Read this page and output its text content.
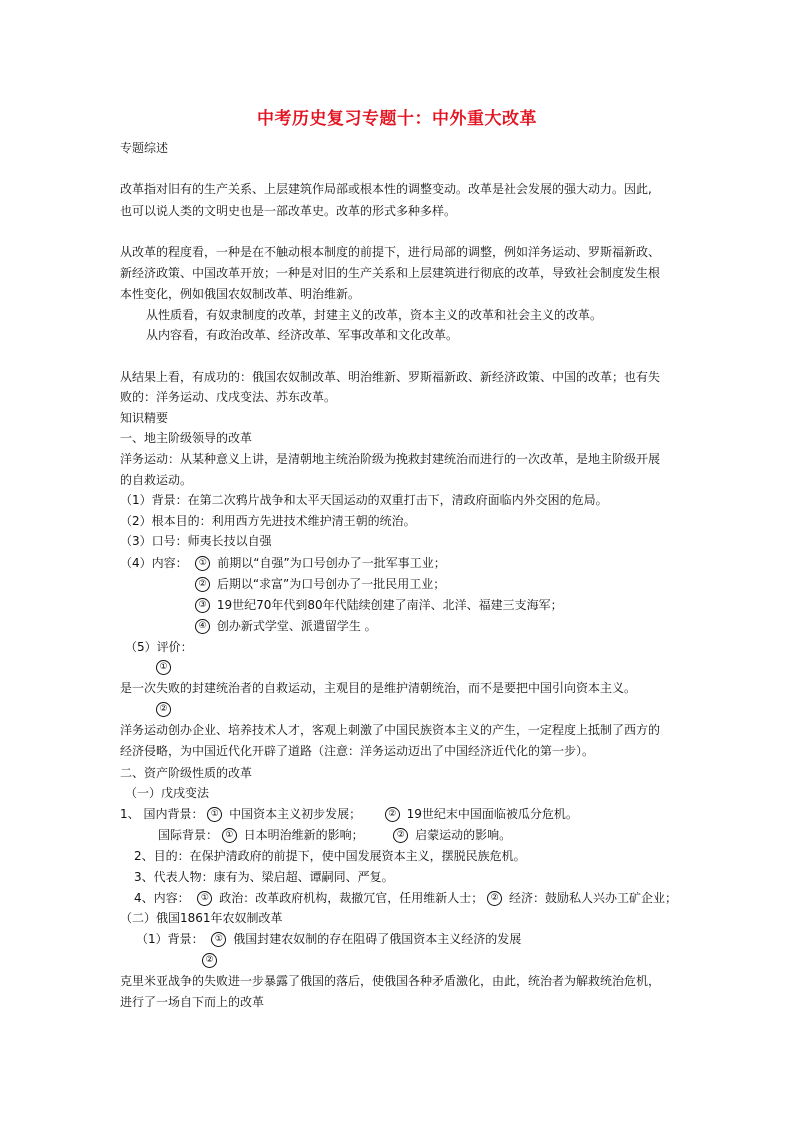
中考历史复习专题十：中外重大改革
专题综述
改革指对旧有的生产关系、上层建筑作局部或根本性的调整变动。改革是社会发展的强大动力。因此,
也可以说人类的文明史也是一部改革史。改革的形式多种多样。
从改革的程度看，一种是在不触动根本制度的前提下，进行局部的调整，例如洋务运动、罗斯福新政、
新经济政策、中国改革开放；一种是对旧的生产关系和上层建筑进行彻底的改革，导致社会制度发生根
本性变化，例如俄国农奴制改革、明治维新。
从性质看，有奴隶制度的改革，封建主义的改革，资本主义的改革和社会主义的改革。
从内容看，有政治改革、经济改革、军事改革和文化改革。
从结果上看，有成功的：俄国农奴制改革、明治维新、罗斯福新政、新经济政策、中国的改革；也有失
败的：洋务运动、戊戌变法、苏东改革。
知识精要
一、地主阶级领导的改革
洋务运动：从某种意义上讲，是清朝地主统治阶级为挽救封建统治而进行的一次改革，是地主阶级开展
的自救运动。
（1）背景：在第二次鸦片战争和太平天国运动的双重打击下，清政府面临内外交困的危局。
（2）根本目的：利用西方先进技术维护清王朝的统治。
（3）口号：师夷长技以自强
（4）内容： ① 前期以“自强”为口号创办了一批军事工业；
② 后期以“求富”为口号创办了一批民用工业；
③ 19世纪70年代到80年代陆续创建了南洋、北洋、福建三支海军；
④ 创办新式学堂、派遣留学生 。
（5）评价：
①
是一次失败的封建统治者的自救运动，主观目的是维护清朝统治，而不是要把中国引向资本主义。
②
洋务运动创办企业、培养技术人才，客观上刺激了中国民族资本主义的产生，一定程度上抵制了西方的
经济侵略，为中国近代化开辟了道路（注意：洋务运动迈出了中国经济近代化的第一步）。
二、资产阶级性质的改革
（一）戊戌变法
1、 国内背景： ① 中国资本主义初步发展；	② 19世纪末中国面临被瓜分危机。
国际背景： ① 日本明治维新的影响；	② 启蒙运动的影响。
2、目的：在保护清政府的前提下，使中国发展资本主义，摆脱民族危机。
3、代表人物：康有为、梁启超、谭嗣同、严复。
4、内容： ① 政治：改革政府机构，裁撤冗官，任用维新人士； ② 经济：鼓励私人兴办工矿企业；
（二）俄国1861年农奴制改革
（1）背景： ① 俄国封建农奴制的存在阻碍了俄国资本主义经济的发展
②
克里米亚战争的失败进一步暴露了俄国的落后，使俄国各种矛盾激化，由此，统治者为解救统治危机，
进行了一场自下而上的改革
